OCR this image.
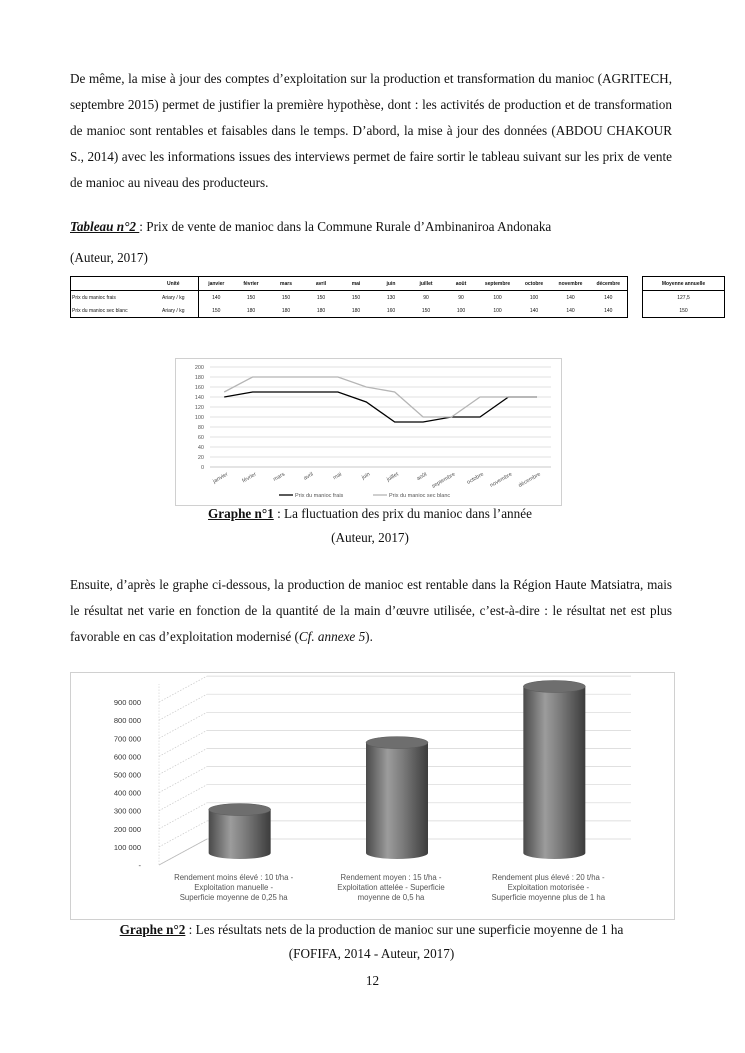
De même, la mise à jour des comptes d’exploitation sur la production et transformation du manioc (AGRITECH, septembre 2015) permet de justifier la première hypothèse, dont : les activités de production et de transformation de manioc sont rentables et faisables dans le temps. D’abord, la mise à jour des données (ABDOU CHAKOUR S., 2014) avec les informations issues des interviews permet de faire sortir le tableau suivant sur les prix de vente de manioc au niveau des producteurs.

Tableau n°2 : Prix de vente de manioc dans la Commune Rurale d’Ambinaniroa Andonaka
(Auteur, 2017)
	Unité	janvier	février	mars	avril	mai	juin	juillet	août	septembre	octobre	novembre	décembre		Moyenne annuelle
Prix du manioc frais	Ariary / kg	140	150	150	150	150	130	90	90	100	100	140	140		127,5
Prix du manioc sec blanc	Ariary / kg	150	180	180	180	180	160	150	100	100	140	140	140		150
0
20
40
60
80
100
120
140
160
180
200
janvier février	mars	avril	mai	juin	juillet	août septembre octobre novembre décembre
Prix du manioc frais	Prix du manioc sec blanc
Graphe n°1 : La fluctuation des prix du manioc dans l’année
(Auteur, 2017)

Ensuite, d’après le graphe ci-dessous, la production de manioc est rentable dans la Région Haute Matsiatra, mais le résultat net varie en fonction de la quantité de la main d’œuvre utilisée, c’est-à-dire : le résultat net est plus favorable en cas d’exploitation modernisé (Cf. annexe 5).

-
100 000
200 000
300 000
400 000
500 000
600 000
700 000
800 000
900 000
Rendement moins élevé : 10 t/ha -
Exploitation manuelle -
Superficie moyenne de 0,25 ha
Rendement moyen : 15 t/ha -
Exploitation attelée - Superficie
moyenne de 0,5 ha
Rendement plus élevé : 20 t/ha -
Exploitation motorisée -
Superficie moyenne plus de 1 ha
Graphe n°2 : Les résultats nets de la production de manioc sur une superficie moyenne de 1 ha
(FOFIFA, 2014 - Auteur, 2017)
12
